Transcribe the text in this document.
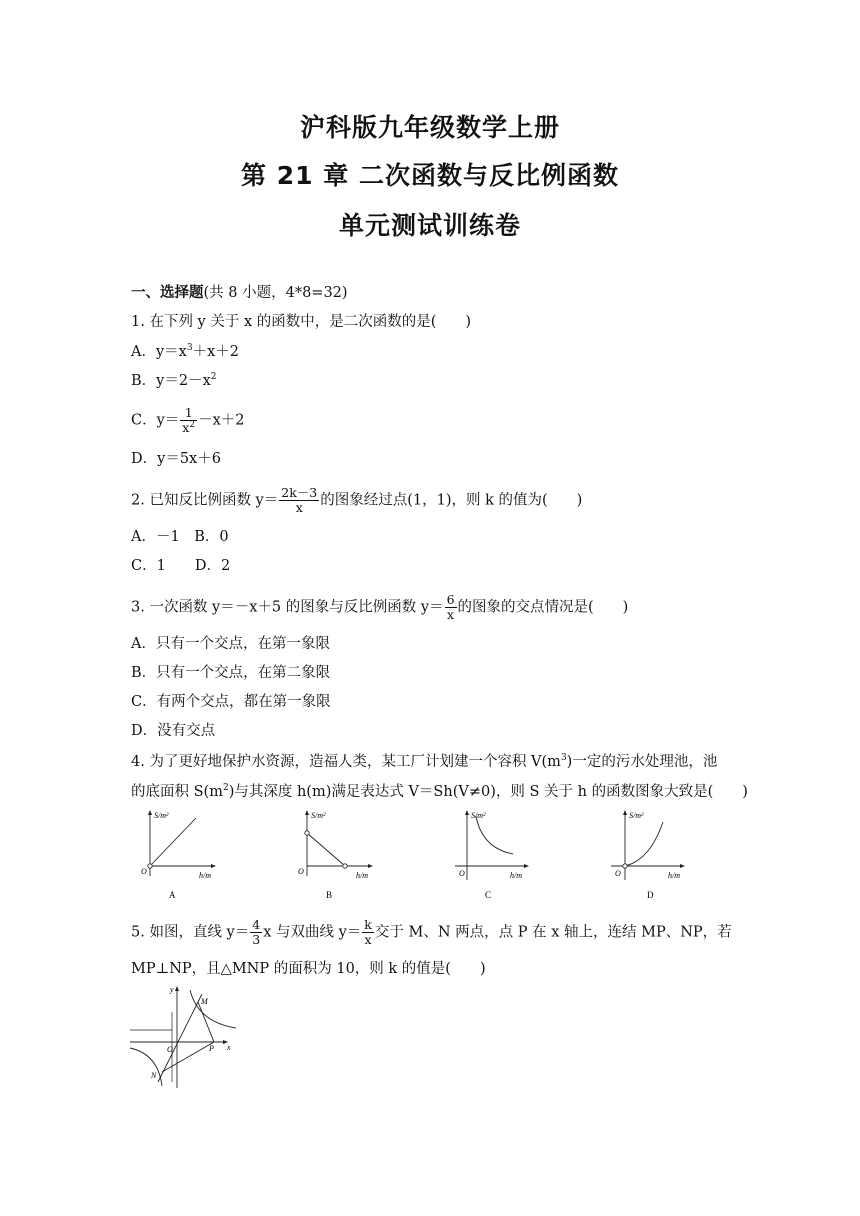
沪科版九年级数学上册
第 21 章 二次函数与反比例函数
单元测试训练卷
一、选择题(共 8 小题，4*8=32)
1. 在下列 y 关于 x 的函数中，是二次函数的是(　　)
A．$y=x^3+x+2$
B．$y=2-x^2$
C．$y= \frac{1}{x^2} -x+2$
D．y＝5x＋6
2. 已知反比例函数 $y= \frac{2k-3}{x}$ 的图象经过点(1，1)，则 k 的值为(　　)
A．－1　B．0
C．1　　D．2
3. 一次函数 y＝－x＋5 的图象与反比例函数 $y= \frac{6}{x}$ 的图象的交点情况是(　　)
A．只有一个交点，在第一象限
B．只有一个交点，在第二象限
C．有两个交点，都在第一象限
D．没有交点
4. 为了更好地保护水资源，造福人类，某工厂计划建一个容积 $V(m^3)$一定的污水处理池，池
的底面积 $S(m^2)$与其深度 h(m)满足表达式 V＝Sh(V≠0)，则 S 关于 h 的函数图象大致是(　　)
S/m²
h/m
O
A
S/m²
h/m
O
B
S/m²
h/m
O
C
S/m²
h/m
O
D
5. 如图，直线 $y= \frac{4}{3}$ x 与双曲线 $y= \frac{k}{x}$ 交于 M、N 两点，点 P 在 x 轴上，连结 MP、NP，若
MP⊥NP，且△MNP 的面积为 10，则 k 的值是(　　)
y
x
O
M
N
P
